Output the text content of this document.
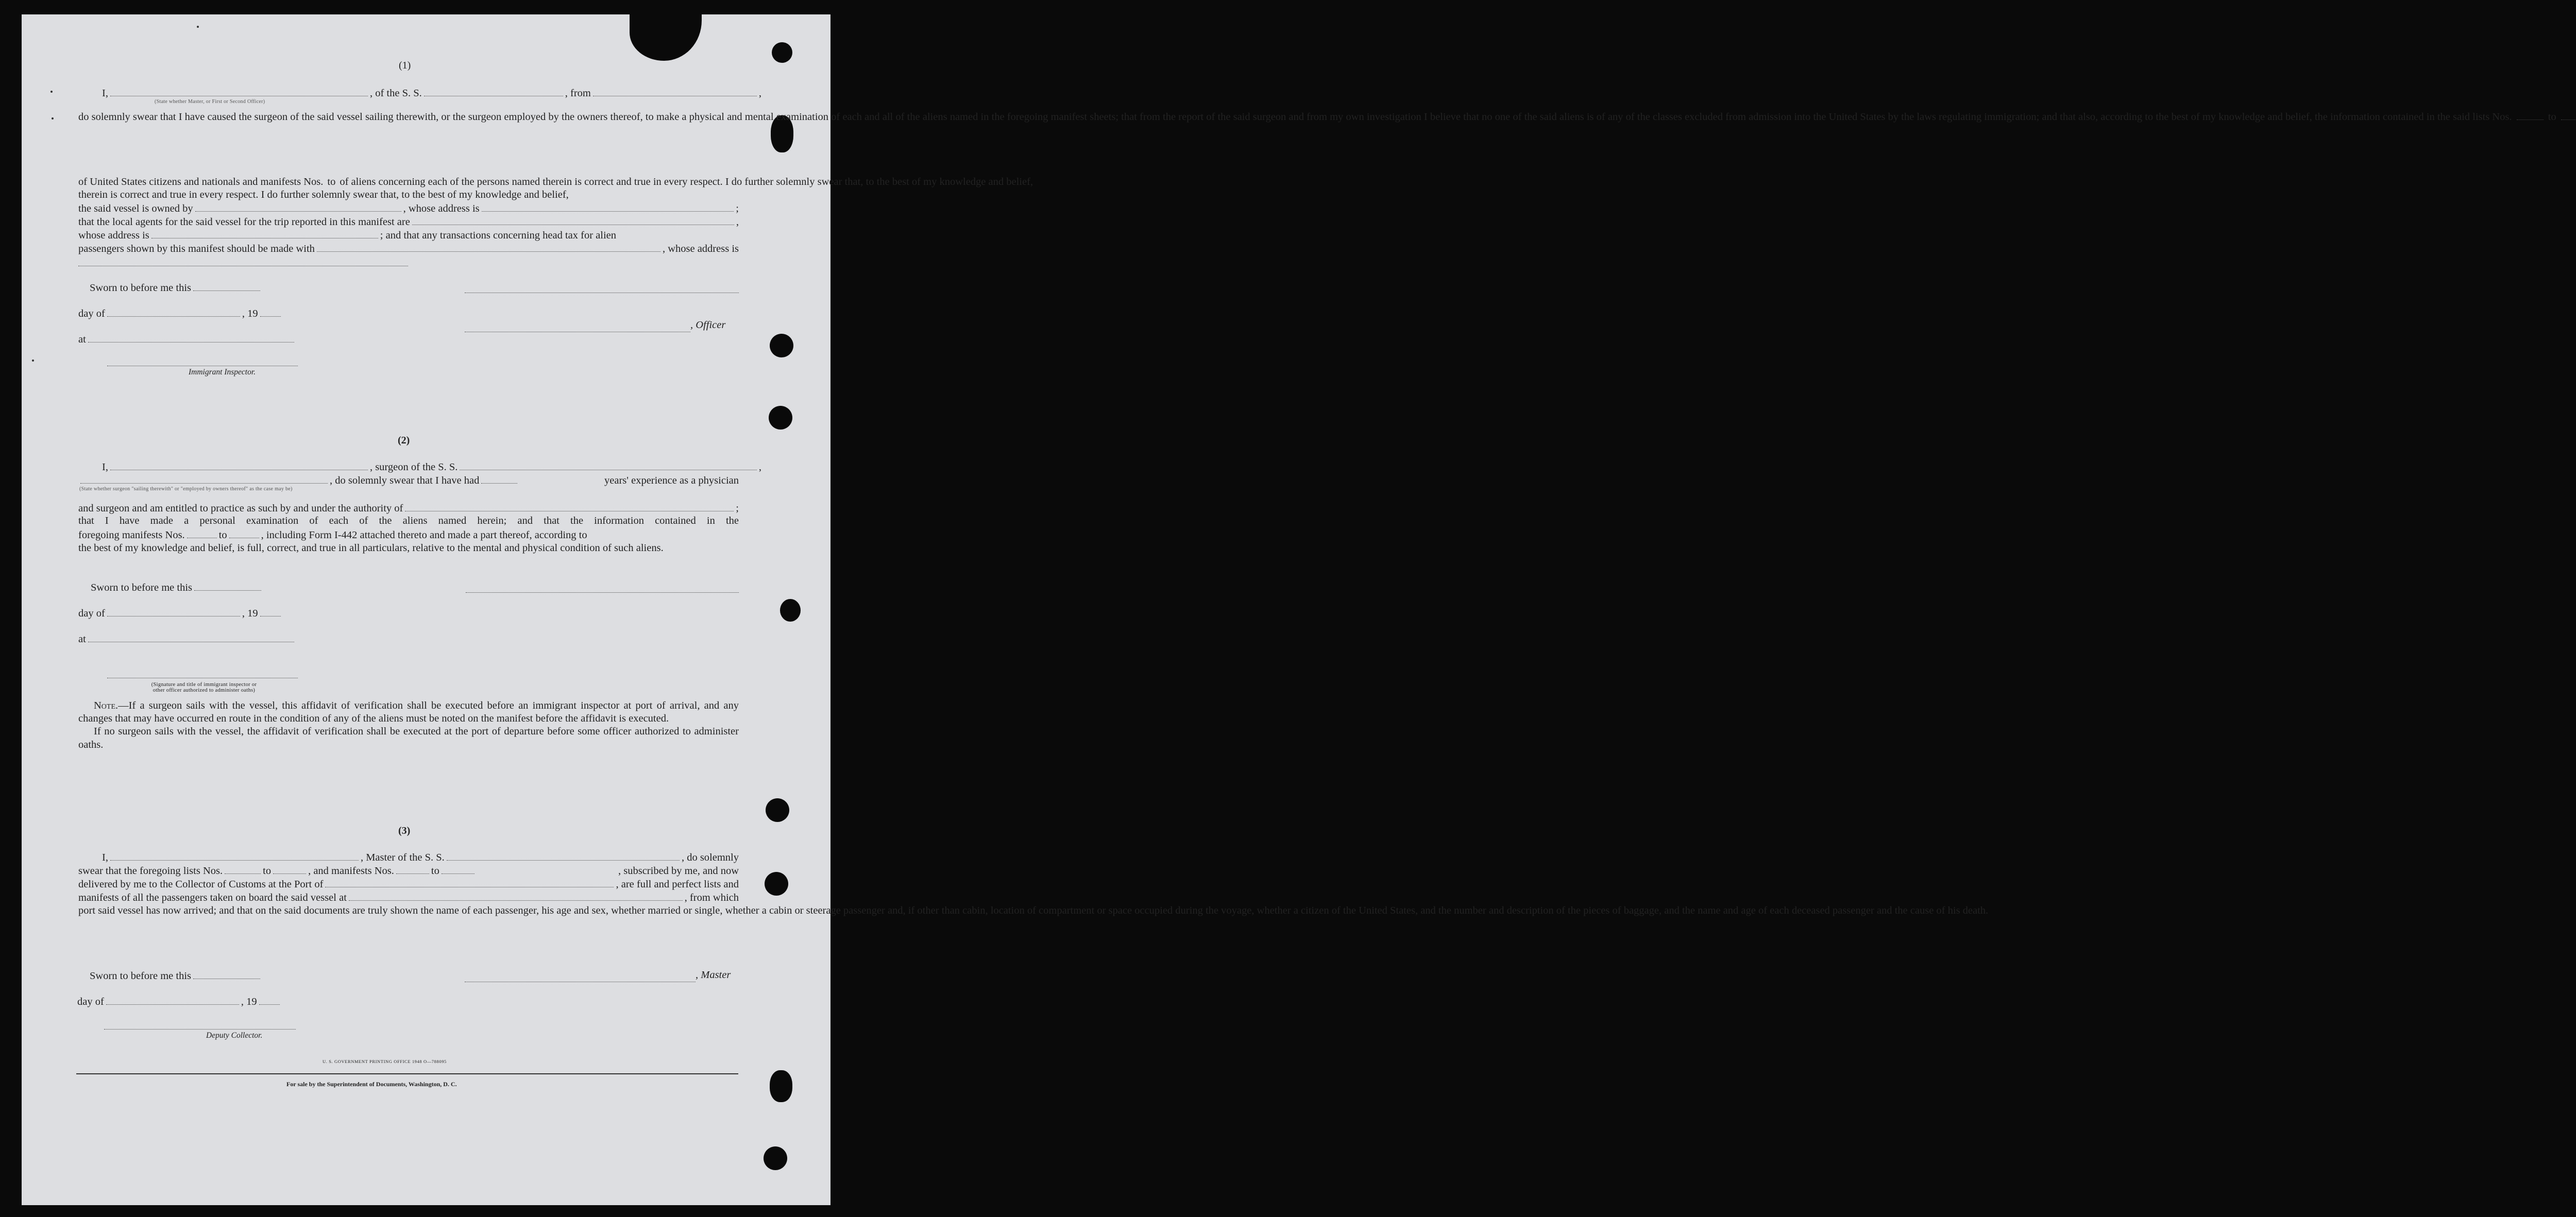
(1)
I,	, of the S. S.	, from	,
(State whether Master, or First or Second Officer)

do solemnly swear that I have caused the surgeon of the said vessel sailing therewith, or the surgeon employed by the owners thereof, to make a physical and mental examination of each and all of the aliens named in the foregoing manifest sheets; that from the report of the said surgeon and from my own investigation I believe that no one of the said aliens is of any of the classes excluded from admission into the United States by the laws regulating immigration; and that also, according to the best of my knowledge and belief, the information contained in the said lists Nos.	to

of United States citizens and nationals and manifests Nos. to of aliens concerning each of the persons named therein is correct and true in every respect. I do further solemnly swear that, to the best of my knowledge and belief,
therein is correct and true in every respect. I do further solemnly swear that, to the best of my knowledge and belief,
the said vessel is owned by	, whose address is	;
that the local agents for the said vessel for the trip reported in this manifest are	,
whose address is	; and that any transactions concerning head tax for alien
passengers shown by this manifest should be made with	, whose address is
Sworn to before me this
day of	, 19
, Officer
at
Immigrant Inspector.
(2)
I,	, surgeon of the S. S.	,
, do solemnly swear that I have had	years' experience as a physician
(State whether surgeon "sailing therewith" or "employed by owners thereof" as the case may be)
and surgeon and am entitled to practice as such by and under the authority of	;
that I have made a personal examination of each of the aliens named herein; and that the information contained in the
foregoing manifests Nos.	to	, including Form I-442 attached thereto and made a part thereof, according to
the best of my knowledge and belief, is full, correct, and true in all particulars, relative to the mental and physical condition of such aliens.
Sworn to before me this
day of	, 19
at
(Signature and title of immigrant inspector or
other officer authorized to administer oaths)

Note.—If a surgeon sails with the vessel, this affidavit of verification shall be executed before an immigrant inspector at port of arrival, and any changes that may have occurred en route in the condition of any of the aliens must be noted on the manifest before the affidavit is executed.

If no surgeon sails with the vessel, the affidavit of verification shall be executed at the port of departure before some officer authorized to administer oaths.

(3)
I,	, Master of the S. S.	, do solemnly
swear that the foregoing lists Nos.	to	, and manifests Nos.	to	, subscribed by me, and now
delivered by me to the Collector of Customs at the Port of	, are full and perfect lists and
manifests of all the passengers taken on board the said vessel at	, from which
port said vessel has now arrived; and that on the said documents are truly shown the name of each passenger, his age and sex, whether married or single, whether a cabin or steerage passenger and, if other than cabin, location of compartment or space occupied during the voyage, whether a citizen of the United States, and the number and description of the pieces of baggage, and the name and age of each deceased passenger and the cause of his death.
Sworn to before me this	, Master
day of	, 19
Deputy Collector.
U. S. GOVERNMENT PRINTING OFFICE 1948 O—788095
For sale by the Superintendent of Documents, Washington, D. C.
